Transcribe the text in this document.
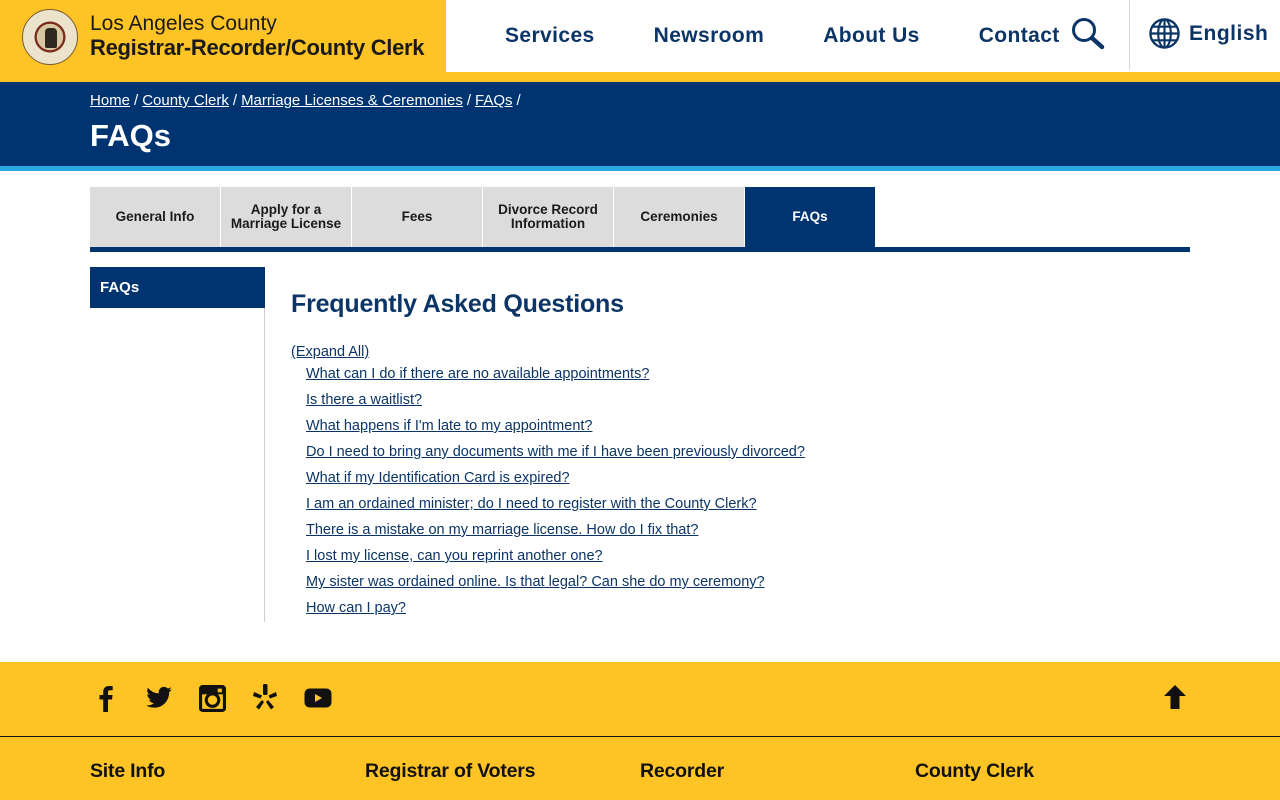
Los Angeles County
Registrar-Recorder/County Clerk	Services	Newsroom	About Us	Contact	English
Home / County Clerk / Marriage Licenses & Ceremonies / FAQs /
FAQs
General Info	Apply for a Marriage License	Fees	Divorce Record Information	Ceremonies	FAQs
FAQs
Frequently Asked Questions
(Expand All)
What can I do if there are no available appointments?
Is there a waitlist?
What happens if I'm late to my appointment?
Do I need to bring any documents with me if I have been previously divorced?
What if my Identification Card is expired?
I am an ordained minister; do I need to register with the County Clerk?
There is a mistake on my marriage license. How do I fix that?
I lost my license, can you reprint another one?
My sister was ordained online. Is that legal? Can she do my ceremony?
How can I pay?
Site Info	Registrar of Voters	Recorder	County Clerk
